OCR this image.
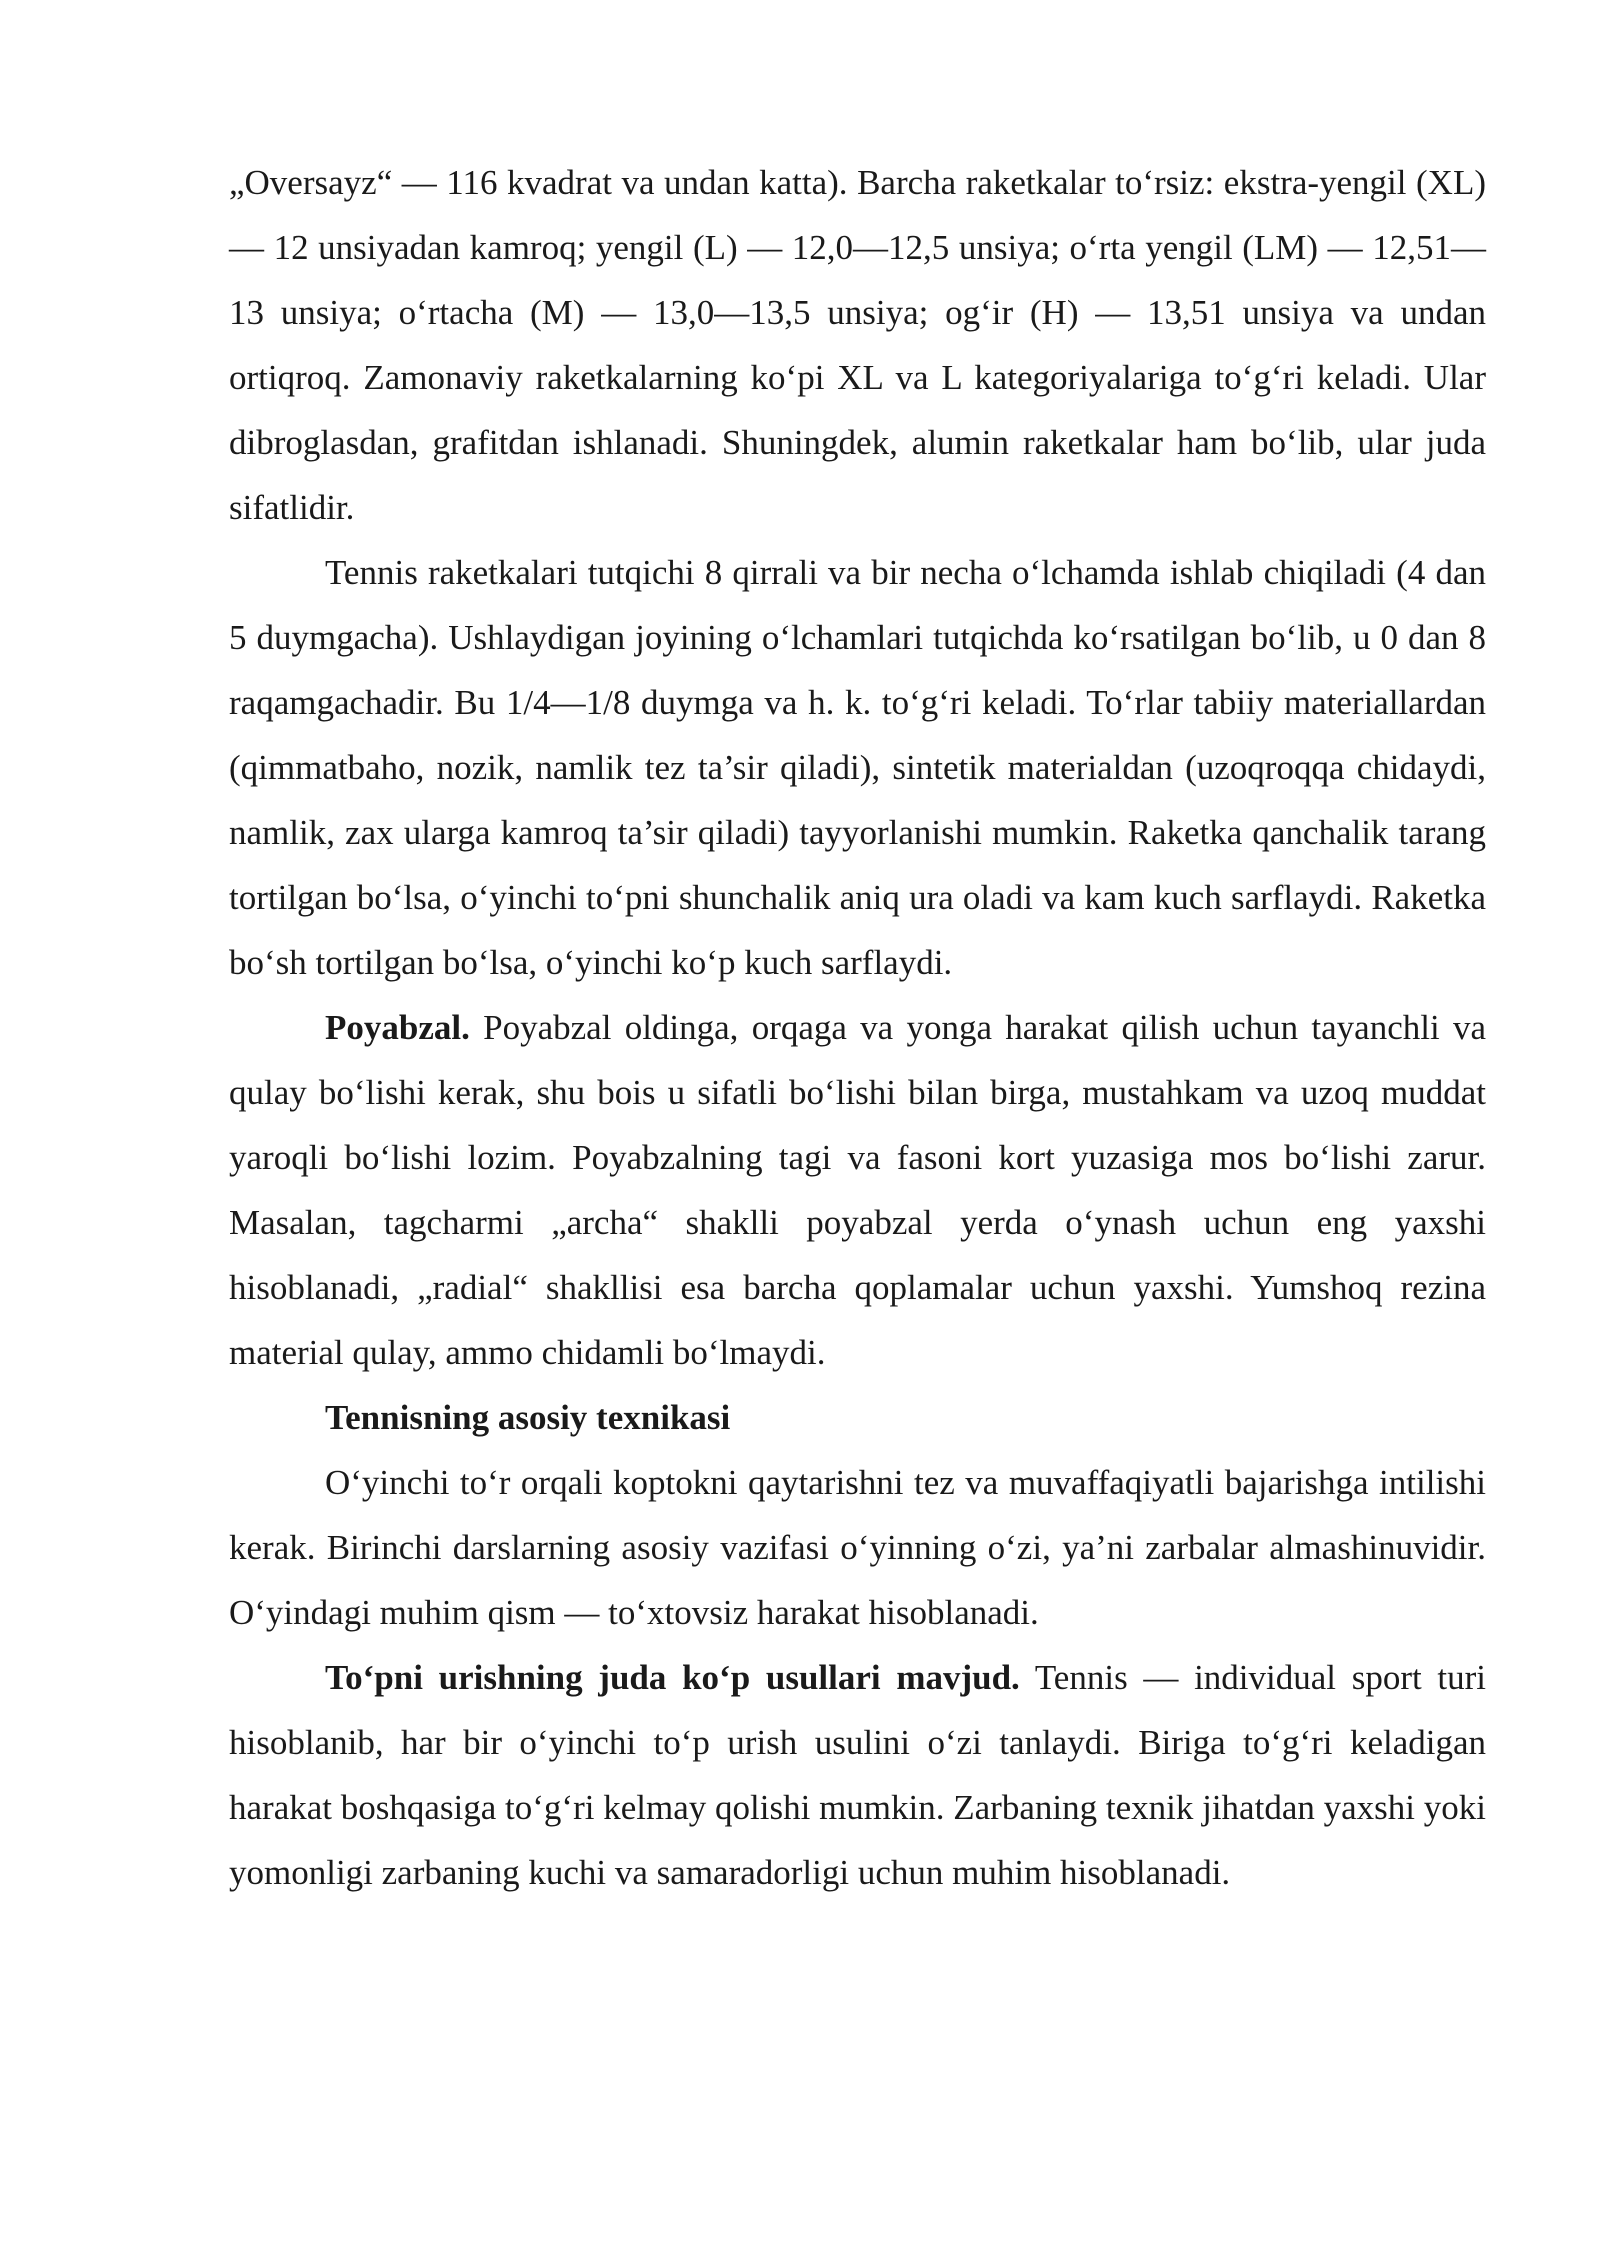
„Oversayz“ — 116 kvadrat va undan katta). Barcha raketkalar to‘rsiz: ekstra-yengil (XL) — 12 unsiyadan kamroq; yengil (L) — 12,0—12,5 unsiya; o‘rta yengil (LM) — 12,51—13 unsiya; o‘rtacha (M) — 13,0—13,5 unsiya; og‘ir (H) — 13,51 unsiya va undan ortiqroq. Zamonaviy raketkalarning ko‘pi XL va L kategoriyalariga to‘g‘ri keladi. Ular dibroglasdan, grafitdan ishlanadi. Shuningdek, alumin raketkalar ham bo‘lib, ular juda sifatlidir.

Tennis raketkalari tutqichi 8 qirrali va bir necha o‘lchamda ishlab chiqiladi (4 dan 5 duymgacha). Ushlaydigan joyining o‘lchamlari tutqichda ko‘rsatilgan bo‘lib, u 0 dan 8 raqamgachadir. Bu 1/4—1/8 duymga va h. k. to‘g‘ri keladi. To‘rlar tabiiy materiallardan (qimmatbaho, nozik, namlik tez ta’sir qiladi), sintetik materialdan (uzoqroqqa chidaydi, namlik, zax ularga kamroq ta’sir qiladi) tayyorlanishi mumkin. Raketka qanchalik tarang tortilgan bo‘lsa, o‘yinchi to‘pni shunchalik aniq ura oladi va kam kuch sarflaydi. Raketka bo‘sh tortilgan bo‘lsa, o‘yinchi ko‘p kuch sarflaydi.

Poyabzal. Poyabzal oldinga, orqaga va yonga harakat qilish uchun tayanchli va qulay bo‘lishi kerak, shu bois u sifatli bo‘lishi bilan birga, mustahkam va uzoq muddat yaroqli bo‘lishi lozim. Poyabzalning tagi va fasoni kort yuzasiga mos bo‘lishi zarur. Masalan, tagcharmi „archa“ shaklli poyabzal yerda o‘ynash uchun eng yaxshi hisoblanadi, „radial“ shakllisi esa barcha qoplamalar uchun yaxshi. Yumshoq rezina material qulay, ammo chidamli bo‘lmaydi.

Tennisning asosiy texnikasi

O‘yinchi to‘r orqali koptokni qaytarishni tez va muvaffaqiyatli bajarishga intilishi kerak. Birinchi darslarning asosiy vazifasi o‘yinning o‘zi, ya’ni zarbalar almashinuvidir. O‘yindagi muhim qism — to‘xtovsiz harakat hisoblanadi.

To‘pni urishning juda ko‘p usullari mavjud. Tennis — individual sport turi hisoblanib, har bir o‘yinchi to‘p urish usulini o‘zi tanlaydi. Biriga to‘g‘ri keladigan harakat boshqasiga to‘g‘ri kelmay qolishi mumkin. Zarbaning texnik jihatdan yaxshi yoki yomonligi zarbaning kuchi va samaradorligi uchun muhim hisoblanadi.
